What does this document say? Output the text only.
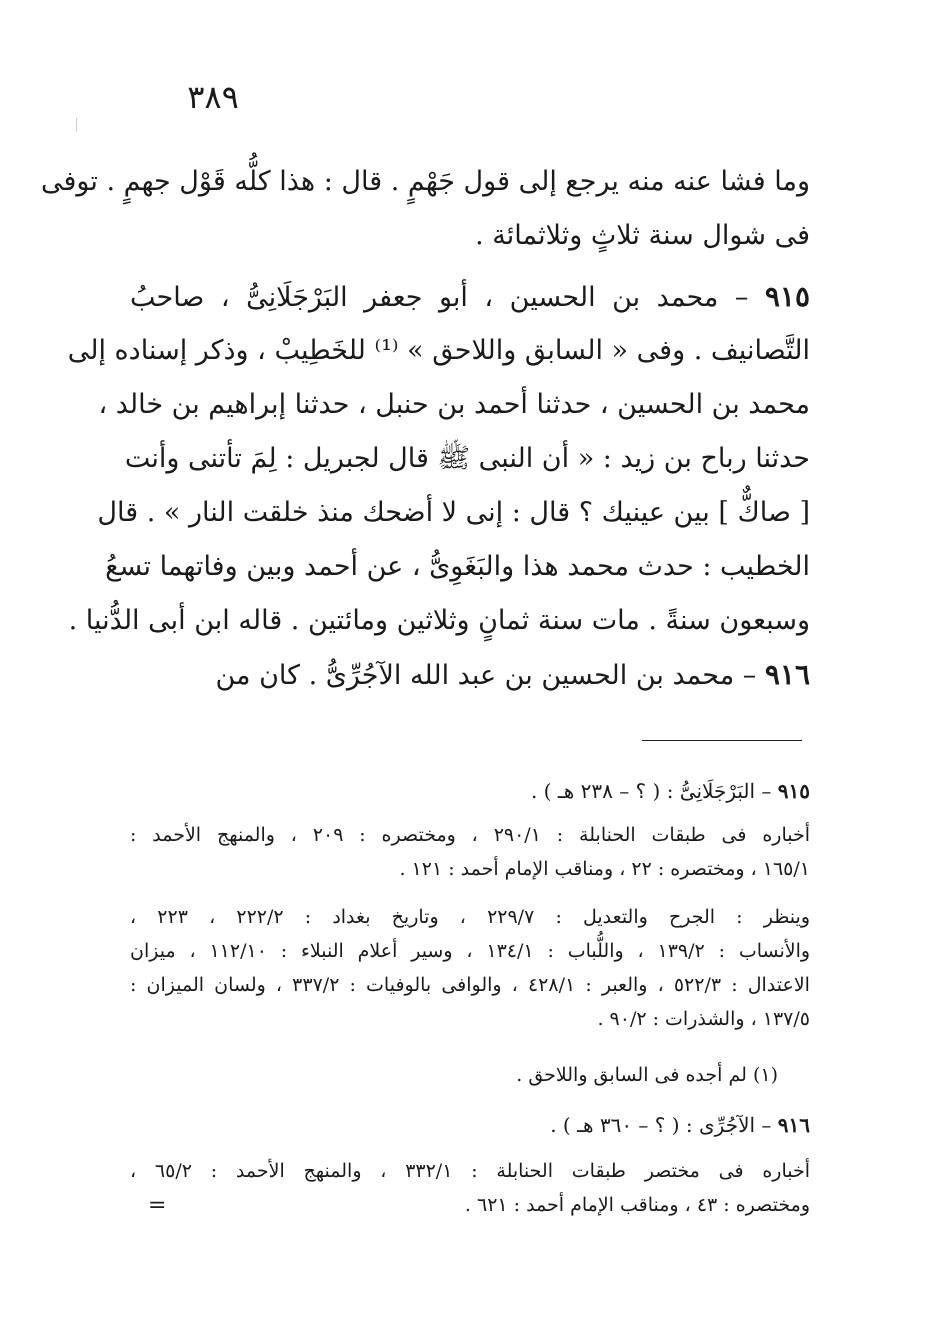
٣٨٩
وما فشا عنه منه يرجع إلى قول جَهْمٍ . قال : هذا كلُّه قَوْل جهمٍ . توفى
فى شوال سنة ثلاثٍ وثلاثمائة .
٩١٥ – محمد بن الحسين ، أبو جعفر البَرْجَلَانِىُّ ، صاحبُ
التَّصانيف . وفى « السابق واللاحق » ⁽¹⁾ للخَطِيبْ ، وذكر إسناده إلى
محمد بن الحسين ، حدثنا أحمد بن حنبل ، حدثنا إبراهيم بن خالد ،
حدثنا رباح بن زيد : « أن النبى ﷺ قال لجبريل : لِمَ تأتنى وأنت
[ صاكٌّ ] بين عينيك ؟ قال : إنى لا أضحك منذ خلقت النار » . قال
الخطيب : حدث محمد هذا والبَغَوِىُّ ، عن أحمد وبين وفاتهما تسعُ
وسبعون سنةً . مات سنة ثمانٍ وثلاثين ومائتين . قاله ابن أبى الدُّنيا .
٩١٦ – محمد بن الحسين بن عبد الله الآجُرِّىُّ . كان من
٩١٥ – البَرْجَلَانِىُّ : ( ؟ – ٢٣٨ هـ ) .
أخباره فى طبقات الحنابلة : ٢٩٠/١ ، ومختصره : ٢٠٩ ، والمنهج الأحمد :
١٦٥/١ ، ومختصره : ٢٢ ، ومناقب الإمام أحمد : ١٢١ .
وينظر : الجرح والتعديل : ٢٢٩/٧ ، وتاريخ بغداد : ٢٢٢/٢ ، ٢٢٣ ،
والأنساب : ١٣٩/٢ ، واللُّباب : ١٣٤/١ ، وسير أعلام النبلاء : ١١٢/١٠ ، ميزان
الاعتدال : ٥٢٢/٣ ، والعبر : ٤٢٨/١ ، والوافى بالوفيات : ٣٣٧/٢ ، ولسان الميزان :
١٣٧/٥ ، والشذرات : ٩٠/٢ .
(١) لم أجده فى السابق واللاحق .
٩١٦ – الآجُرِّى : ( ؟ – ٣٦٠ هـ ) .
أخباره فى مختصر طبقات الحنابلة : ٣٣٢/١ ، والمنهج الأحمد : ٦٥/٢ ،
ومختصره : ٤٣ ، ومناقب الإمام أحمد : ٦٢١ .
=
